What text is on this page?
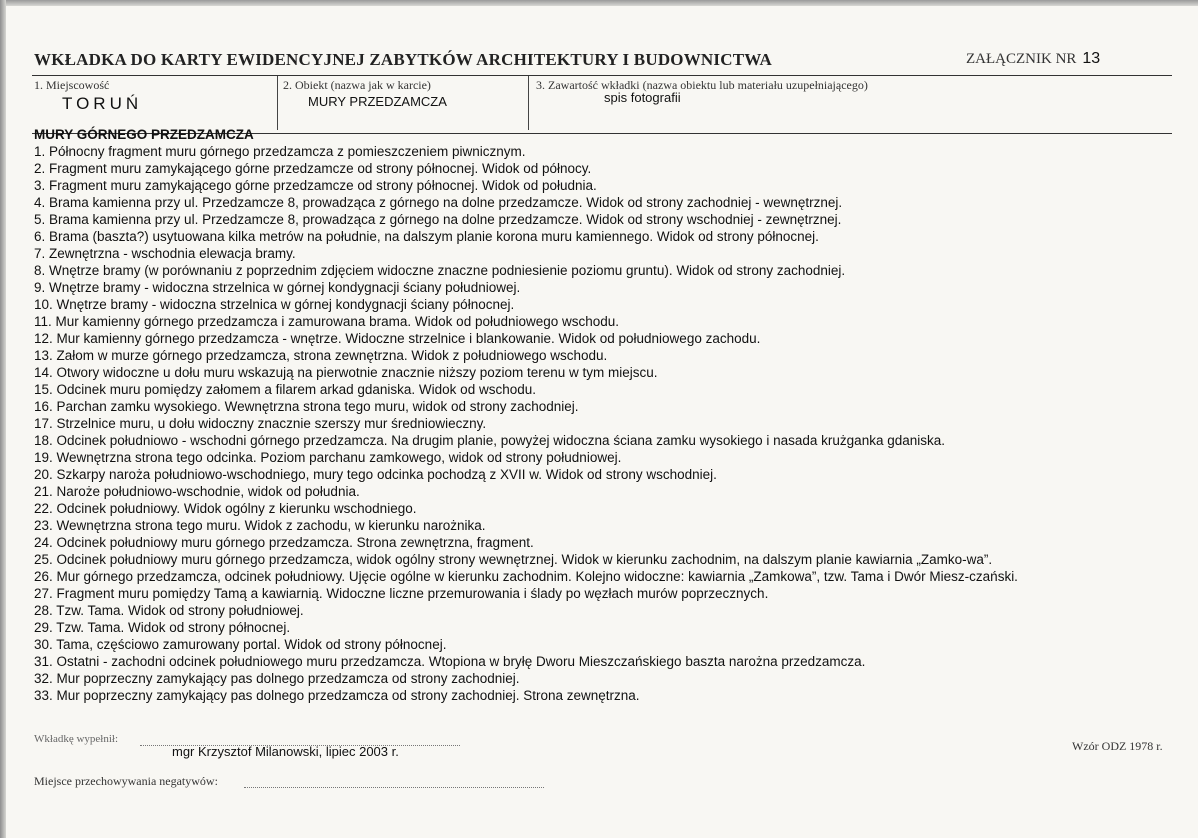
WKŁADKA DO KARTY EWIDENCYJNEJ ZABYTKÓW ARCHITEKTURY I BUDOWNICTWA	ZAŁĄCZNIK NR 13
1. Miejscowość
TORUŃ
2. Obiekt (nazwa jak w karcie)
MURY PRZEDZAMCZA
3. Zawartość wkładki (nazwa obiektu lub materiału uzupełniającego)
spis fotografii
MURY GÓRNEGO PRZEDZAMCZA
1. Północny fragment muru górnego przedzamcza z pomieszczeniem piwnicznym.
2. Fragment muru zamykającego górne przedzamcze od strony północnej. Widok od północy.
3. Fragment muru zamykającego górne przedzamcze od strony północnej. Widok od południa.
4. Brama kamienna przy ul. Przedzamcze 8, prowadząca z górnego na dolne przedzamcze. Widok od strony zachodniej - wewnętrznej.
5. Brama kamienna przy ul. Przedzamcze 8, prowadząca z górnego na dolne przedzamcze. Widok od strony wschodniej - zewnętrznej.
6. Brama (baszta?) usytuowana kilka metrów na południe, na dalszym planie korona muru kamiennego. Widok od strony północnej.
7. Zewnętrzna - wschodnia elewacja bramy.
8. Wnętrze bramy (w porównaniu z poprzednim zdjęciem widoczne znaczne podniesienie poziomu gruntu). Widok od strony zachodniej.
9. Wnętrze bramy - widoczna strzelnica w górnej kondygnacji ściany południowej.
10. Wnętrze bramy - widoczna strzelnica w górnej kondygnacji ściany północnej.
11. Mur kamienny górnego przedzamcza i zamurowana brama. Widok od południowego wschodu.
12. Mur kamienny górnego przedzamcza - wnętrze. Widoczne strzelnice i blankowanie. Widok od południowego zachodu.
13. Załom w murze górnego przedzamcza, strona zewnętrzna. Widok z południowego wschodu.
14. Otwory widoczne u dołu muru wskazują na pierwotnie znacznie niższy poziom terenu w tym miejscu.
15. Odcinek muru pomiędzy załomem a filarem arkad gdaniska. Widok od wschodu.
16. Parchan zamku wysokiego. Wewnętrzna strona tego muru, widok od strony zachodniej.
17. Strzelnice muru, u dołu widoczny znacznie szerszy mur średniowieczny.
18. Odcinek południowo - wschodni górnego przedzamcza. Na drugim planie, powyżej widoczna ściana zamku wysokiego i nasada krużganka gdaniska.
19. Wewnętrzna strona tego odcinka. Poziom parchanu zamkowego, widok od strony południowej.
20. Szkarpy naroża południowo-wschodniego, mury tego odcinka pochodzą z XVII w. Widok od strony wschodniej.
21. Naroże południowo-wschodnie, widok od południa.
22. Odcinek południowy. Widok ogólny z kierunku wschodniego.
23. Wewnętrzna strona tego muru. Widok z zachodu, w kierunku narożnika.
24. Odcinek południowy muru górnego przedzamcza. Strona zewnętrzna, fragment.
25. Odcinek południowy muru górnego przedzamcza, widok ogólny strony wewnętrznej. Widok w kierunku zachodnim, na dalszym planie kawiarnia „Zamko-wa”.
26. Mur górnego przedzamcza, odcinek południowy. Ujęcie ogólne w kierunku zachodnim. Kolejno widoczne: kawiarnia „Zamkowa”, tzw. Tama i Dwór Miesz-czański.
27. Fragment muru pomiędzy Tamą a kawiarnią. Widoczne liczne przemurowania i ślady po węzłach murów poprzecznych.
28. Tzw. Tama. Widok od strony południowej.
29. Tzw. Tama. Widok od strony północnej.
30. Tama, częściowo zamurowany portal. Widok od strony północnej.
31. Ostatni - zachodni odcinek południowego muru przedzamcza. Wtopiona w bryłę Dworu Mieszczańskiego baszta narożna przedzamcza.
32. Mur poprzeczny zamykający pas dolnego przedzamcza od strony zachodniej.
33. Mur poprzeczny zamykający pas dolnego przedzamcza od strony zachodniej. Strona zewnętrzna.
Wkładkę wypełnił:
mgr Krzysztof Milanowski, lipiec 2003 r.	Wzór ODZ 1978 r.
Miejsce przechowywania negatywów:
